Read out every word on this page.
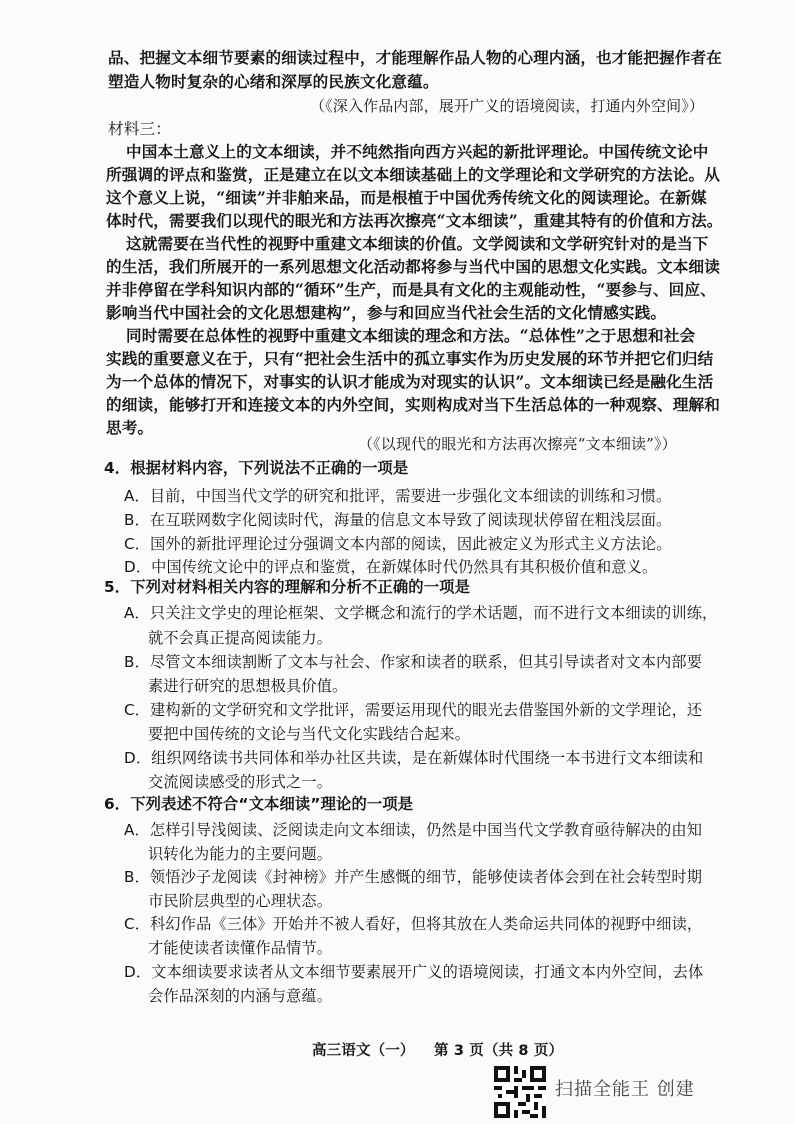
品、把握文本细节要素的细读过程中，才能理解作品人物的心理内涵，也才能把握作者在
塑造人物时复杂的心绪和深厚的民族文化意蕴。
（《深入作品内部，展开广义的语境阅读，打通内外空间》）
材料三：
中国本土意义上的文本细读，并不纯然指向西方兴起的新批评理论。中国传统文论中
所强调的评点和鉴赏，正是建立在以文本细读基础上的文学理论和文学研究的方法论。从
这个意义上说，“细读”并非舶来品，而是根植于中国优秀传统文化的阅读理论。在新媒
体时代，需要我们以现代的眼光和方法再次擦亮“文本细读”，重建其特有的价值和方法。
这就需要在当代性的视野中重建文本细读的价值。文学阅读和文学研究针对的是当下
的生活，我们所展开的一系列思想文化活动都将参与当代中国的思想文化实践。文本细读
并非停留在学科知识内部的“循环”生产，而是具有文化的主观能动性，“要参与、回应、
影响当代中国社会的文化思想建构”，参与和回应当代社会生活的文化情感实践。
同时需要在总体性的视野中重建文本细读的理念和方法。“总体性”之于思想和社会
实践的重要意义在于，只有“把社会生活中的孤立事实作为历史发展的环节并把它们归结
为一个总体的情况下，对事实的认识才能成为对现实的认识”。文本细读已经是融化生活
的细读，能够打开和连接文本的内外空间，实则构成对当下生活总体的一种观察、理解和
思考。
（《以现代的眼光和方法再次擦亮“文本细读”》）
4．根据材料内容，下列说法不正确的一项是
A．目前，中国当代文学的研究和批评，需要进一步强化文本细读的训练和习惯。
B．在互联网数字化阅读时代，海量的信息文本导致了阅读现状停留在粗浅层面。
C．国外的新批评理论过分强调文本内部的阅读，因此被定义为形式主义方法论。
D．中国传统文论中的评点和鉴赏，在新媒体时代仍然具有其积极价值和意义。
5．下列对材料相关内容的理解和分析不正确的一项是
A．只关注文学史的理论框架、文学概念和流行的学术话题，而不进行文本细读的训练，
就不会真正提高阅读能力。
B．尽管文本细读割断了文本与社会、作家和读者的联系，但其引导读者对文本内部要
素进行研究的思想极具价值。
C．建构新的文学研究和文学批评，需要运用现代的眼光去借鉴国外新的文学理论，还
要把中国传统的文论与当代文化实践结合起来。
D．组织网络读书共同体和举办社区共读，是在新媒体时代围绕一本书进行文本细读和
交流阅读感受的形式之一。
6．下列表述不符合“文本细读”理论的一项是
A．怎样引导浅阅读、泛阅读走向文本细读，仍然是中国当代文学教育亟待解决的由知
识转化为能力的主要问题。
B．领悟沙子龙阅读《封神榜》并产生感慨的细节，能够使读者体会到在社会转型时期
市民阶层典型的心理状态。
C．科幻作品《三体》开始并不被人看好，但将其放在人类命运共同体的视野中细读，
才能使读者读懂作品情节。
D．文本细读要求读者从文本细节要素展开广义的语境阅读，打通文本内外空间，去体
会作品深刻的内涵与意蕴。
高三语文（一） 第 3 页（共 8 页）
扫描全能王 创建
